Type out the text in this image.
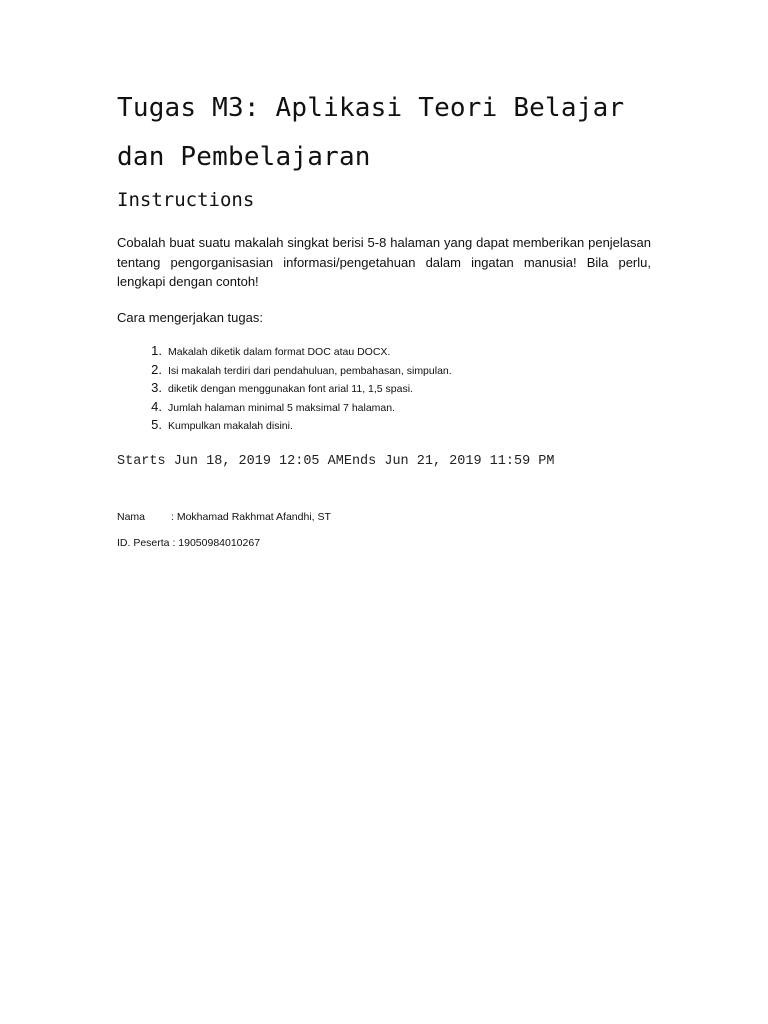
Tugas M3: Aplikasi Teori Belajar dan Pembelajaran
Instructions

Cobalah buat suatu makalah singkat berisi 5-8 halaman yang dapat memberikan penjelasan tentang pengorganisasian informasi/pengetahuan dalam ingatan manusia! Bila perlu, lengkapi dengan contoh!

Cara mengerjakan tugas:

1. Makalah diketik dalam format DOC atau DOCX.
2. Isi makalah terdiri dari pendahuluan, pembahasan, simpulan.
3. diketik dengan menggunakan font arial 11, 1,5 spasi.
4. Jumlah halaman minimal 5 maksimal 7 halaman.
5. Kumpulkan makalah disini.

Starts Jun 18, 2019 12:05 AMEnds Jun 21, 2019 11:59 PM

Nama : Mokhamad Rakhmat Afandhi, ST

ID. Peserta : 19050984010267
